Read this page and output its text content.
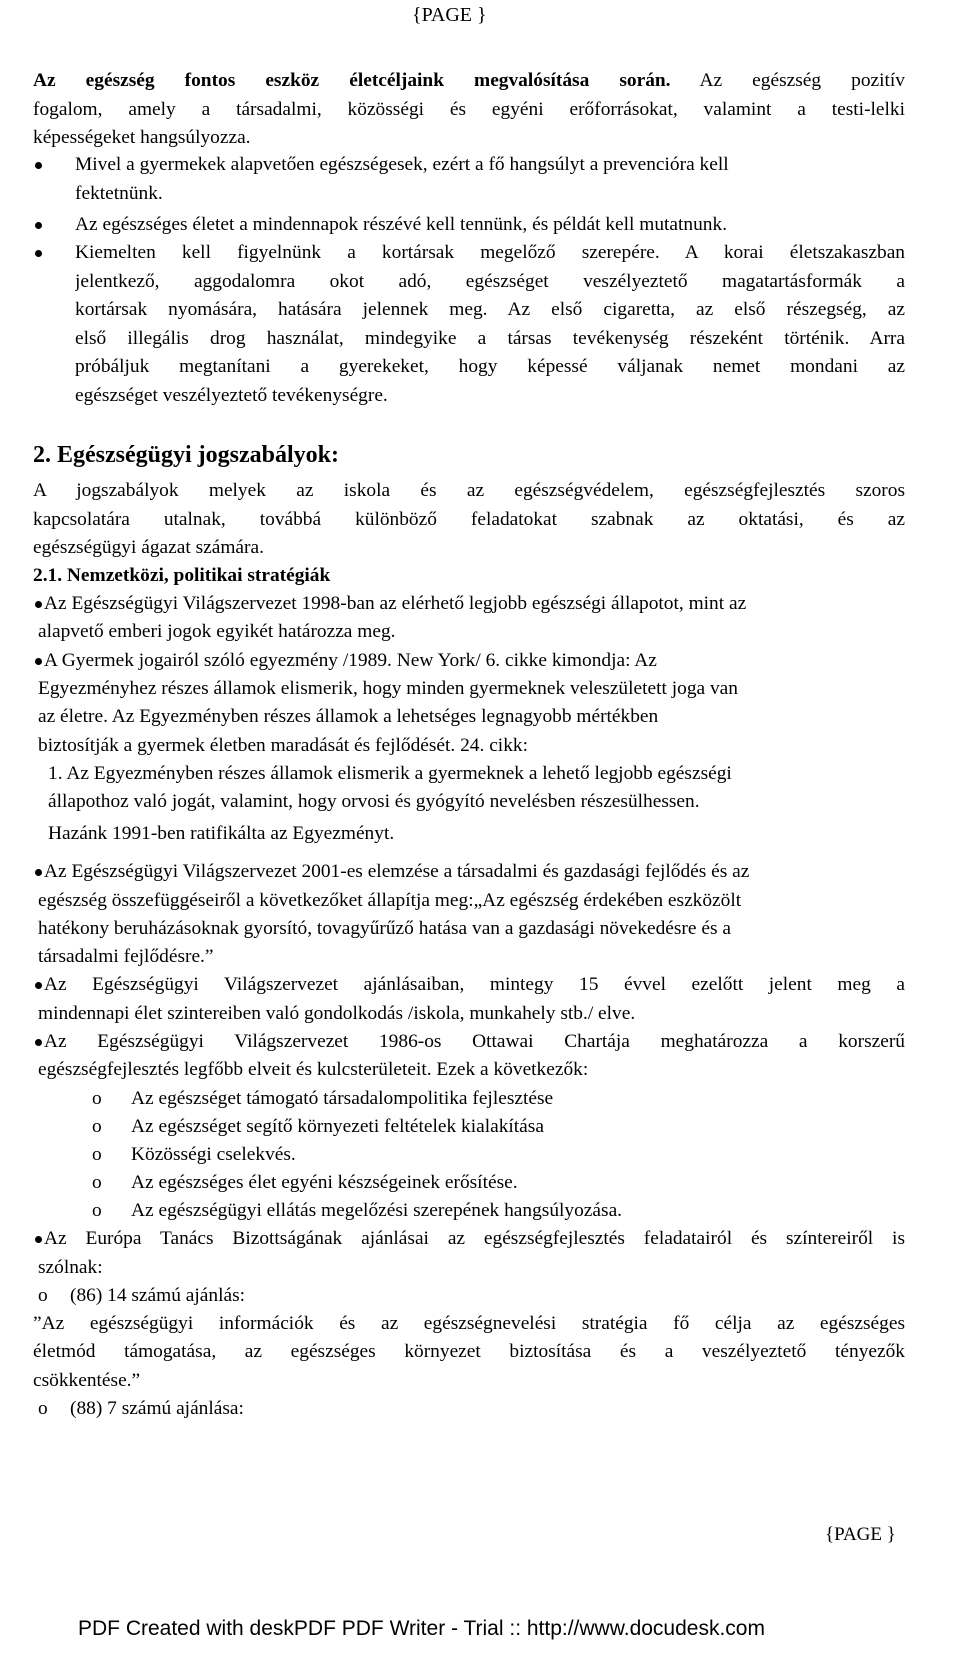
{PAGE }
Az egészség fontos eszköz életcéljaink megvalósítása során. Az egészség pozitív
fogalom, amely a társadalmi, közösségi és egyéni erőforrásokat, valamint a testi-lelki
képességeket hangsúlyozza.
Mivel a gyermekek alapvetően egészségesek, ezért a fő hangsúlyt a prevencióra kell
fektetnünk.
Az egészséges életet a mindennapok részévé kell tennünk, és példát kell mutatnunk.
Kiemelten kell figyelnünk a kortársak megelőző szerepére. A korai életszakaszban
jelentkező, aggodalomra okot adó, egészséget veszélyeztető magatartásformák a
kortársak nyomására, hatására jelennek meg. Az első cigaretta, az első részegség, az
első illegális drog használat, mindegyike a társas tevékenység részeként történik. Arra
próbáljuk megtanítani a gyerekeket, hogy képessé váljanak nemet mondani az
egészséget veszélyeztető tevékenységre.
2. Egészségügyi jogszabályok:
A jogszabályok melyek az iskola és az egészségvédelem, egészségfejlesztés szoros
kapcsolatára utalnak, továbbá különböző feladatokat szabnak az oktatási, és az
egészségügyi ágazat számára.
2.1. Nemzetközi, politikai stratégiák
Az Egészségügyi Világszervezet 1998-ban az elérhető legjobb egészségi állapotot, mint az
alapvető emberi jogok egyikét határozza meg.
A Gyermek jogairól szóló egyezmény /1989. New York/ 6. cikke kimondja: Az
Egyezményhez részes államok elismerik, hogy minden gyermeknek veleszületett joga van
az életre. Az Egyezményben részes államok a lehetséges legnagyobb mértékben
biztosítják a gyermek életben maradását és fejlődését. 24. cikk:
1. Az Egyezményben részes államok elismerik a gyermeknek a lehető legjobb egészségi
állapothoz való jogát, valamint, hogy orvosi és gyógyító nevelésben részesülhessen.
Hazánk 1991-ben ratifikálta az Egyezményt.
Az Egészségügyi Világszervezet 2001-es elemzése a társadalmi és gazdasági fejlődés és az
egészség összefüggéseiről a következőket állapítja meg:„Az egészség érdekében eszközölt
hatékony beruházásoknak gyorsító, tovagyűrűző hatása van a gazdasági növekedésre és a
társadalmi fejlődésre.”
Az Egészségügyi Világszervezet ajánlásaiban, mintegy 15 évvel ezelőtt jelent meg a
mindennapi élet szintereiben való gondolkodás /iskola, munkahely stb./ elve.
Az Egészségügyi Világszervezet 1986-os Ottawai Chartája meghatározza a korszerű
egészségfejlesztés legfőbb elveit és kulcsterületeit. Ezek a következők:
o Az egészséget támogató társadalompolitika fejlesztése
o Az egészséget segítő környezeti feltételek kialakítása
o Közösségi cselekvés.
o Az egészséges élet egyéni készségeinek erősítése.
o Az egészségügyi ellátás megelőzési szerepének hangsúlyozása.
Az Európa Tanács Bizottságának ajánlásai az egészségfejlesztés feladatairól és színtereiről is
szólnak:
o (86) 14 számú ajánlás:
”Az egészségügyi információk és az egészségnevelési stratégia fő célja az egészséges
életmód támogatása, az egészséges környezet biztosítása és a veszélyeztető tényezők
csökkentése.”
o (88) 7 számú ajánlása:
{PAGE }
PDF Created with deskPDF PDF Writer - Trial :: http://www.docudesk.com
